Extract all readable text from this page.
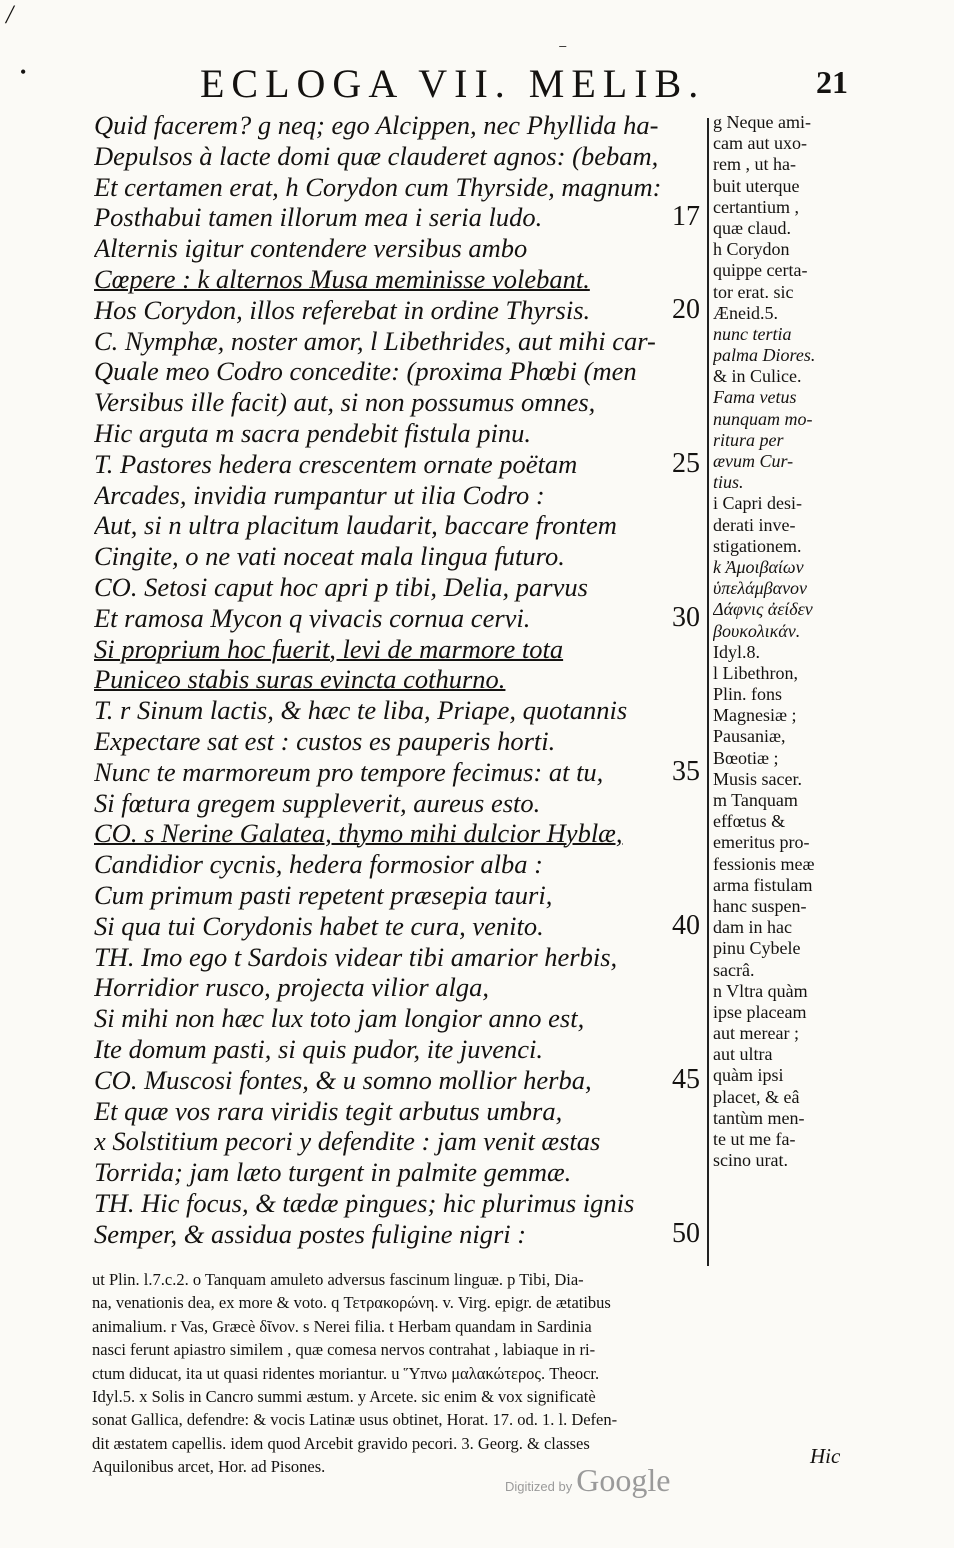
/
•
⁻
ECLOGA VII. MELIB.	21
Quid facerem? g neq; ego Alcippen, nec Phyllida ha-
Depulsos à lacte domi quæ clauderet agnos: (bebam,
Et certamen erat, h Corydon cum Thyrside, magnum:
Posthabui tamen illorum mea i seria ludo.	17
Alternis igitur contendere versibus ambo
Cœpere : k alternos Musa meminisse volebant.
Hos Corydon, illos referebat in ordine Thyrsis.	20
C. Nymphæ, noster amor, l Libethrides, aut mihi car-
Quale meo Codro concedite: (proxima Phœbi (men
Versibus ille facit) aut, si non possumus omnes,
Hic arguta m sacra pendebit fistula pinu.
T. Pastores hedera crescentem ornate poëtam	25
Arcades, invidia rumpantur ut ilia Codro :
Aut, si n ultra placitum laudarit, baccare frontem
Cingite, o ne vati noceat mala lingua futuro.
CO. Setosi caput hoc apri p tibi, Delia, parvus
Et ramosa Mycon q vivacis cornua cervi.	30
Si proprium hoc fuerit, levi de marmore tota
Puniceo stabis suras evincta cothurno.
T. r Sinum lactis, & hæc te liba, Priape, quotannis
Expectare sat est : custos es pauperis horti.
Nunc te marmoreum pro tempore fecimus: at tu, 35
Si fœtura gregem suppleverit, aureus esto.
CO. s Nerine Galatea, thymo mihi dulcior Hyblæ,
Candidior cycnis, hedera formosior alba :
Cum primum pasti repetent præsepia tauri,
Si qua tui Corydonis habet te cura, venito.	40
TH. Imo ego t Sardois videar tibi amarior herbis,
Horridior rusco, projecta vilior alga,
Si mihi non hæc lux toto jam longior anno est,
Ite domum pasti, si quis pudor, ite juvenci.
CO. Muscosi fontes, & u somno mollior herba,	45
Et quæ vos rara viridis tegit arbutus umbra,
x Solstitium pecori y defendite : jam venit æstas
Torrida; jam læto turgent in palmite gemmæ.
TH. Hic focus, & tædæ pingues; hic plurimus ignis
Semper, & assidua postes fuligine nigri :	50
g Neque ami-
cam aut uxo-
rem , ut ha-
buit uterque
certantium ,
quæ claud.
h Corydon
quippe certa-
tor erat. sic
Æneid.5.
nunc tertia
palma Diores.
& in Culice.
Fama vetus
nunquam mo-
ritura per
ævum Cur-
tius.
i Capri desi-
derati inve-
stigationem.
k Ἀμοιβαίων
ὑπελάμβανον
Δάφνις ἀείδεν
βουκολικάν.
Idyl.8.
l Libethron,
Plin. fons
Magnesiæ ;
Pausaniæ,
Bœotiæ ;
Musis sacer.
m Tanquam
effœtus &
emeritus pro-
fessionis meæ
arma fistulam
hanc suspen-
dam in hac
pinu Cybele
sacrâ.
n Vltra quàm
ipse placeam
aut merear ;
aut ultra
quàm ipsi
placet, & eâ
tantùm men-
te ut me fa-
scino urat.
ut Plin. l.7.c.2. o Tanquam amuleto adversus fascinum linguæ. p Tibi, Dia-
na, venationis dea, ex more & voto. q Τετρακορώνη. v. Virg. epigr. de ætatibus
animalium. r Vas, Græcè δῖνον. s Nerei filia. t Herbam quandam in Sardinia
nasci ferunt apiastro similem , quæ comesa nervos contrahat , labiaque in ri-
ctum diducat, ita ut quasi ridentes moriantur. u Ὕπνω μαλακώτερος. Theocr.
Idyl.5. x Solis in Cancro summi æstum. y Arcete. sic enim & vox significatè
sonat Gallica, defendre: & vocis Latinæ usus obtinet, Horat. 17. od. 1. l. Defen-
dit æstatem capellis. idem quod Arcebit gravido pecori. 3. Georg. & classes
Aquilonibus arcet, Hor. ad Pisones.	Hic
Digitized by Google
